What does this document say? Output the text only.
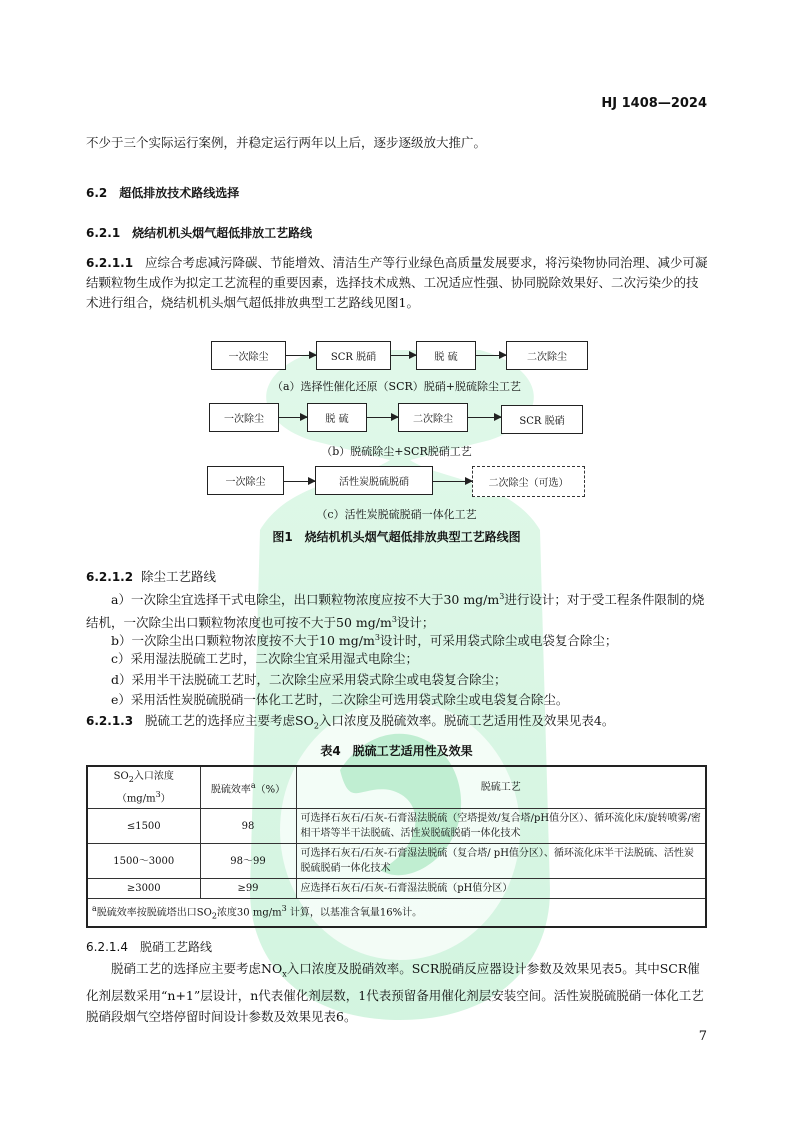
HJ 1408—2024
不少于三个实际运行案例，并稳定运行两年以上后，逐步逐级放大推广。
6.2　超低排放技术路线选择
6.2.1　烧结机机头烟气超低排放工艺路线
6.2.1.1 应综合考虑减污降碳、节能增效、清洁生产等行业绿色高质量发展要求，将污染物协同治理、减少可凝结颗粒物生成作为拟定工艺流程的重要因素，选择技术成熟、工况适应性强、协同脱除效果好、二次污染少的技术进行组合，烧结机机头烟气超低排放典型工艺路线见图1。
一次除尘	SCR 脱硝	脱 硫	二次除尘
（a）选择性催化还原（SCR）脱硝+脱硫除尘工艺
一次除尘	脱 硫	二次除尘	SCR 脱硝
（b）脱硫除尘+SCR脱硝工艺
一次除尘	活性炭脱硫脱硝	二次除尘（可选）
（c）活性炭脱硫脱硝一体化工艺
图1　烧结机机头烟气超低排放典型工艺路线图
6.2.1.2 除尘工艺路线
a）一次除尘宜选择干式电除尘，出口颗粒物浓度应按不大于30 $mg/m^3$进行设计；对于受工程条件限制的烧结机，一次除尘出口颗粒物浓度也可按不大于50 $mg/m^3$设计；
b）一次除尘出口颗粒物浓度按不大于10 $mg/m^3$设计时，可采用袋式除尘或电袋复合除尘；
c）采用湿法脱硫工艺时，二次除尘宜采用湿式电除尘；
d）采用半干法脱硫工艺时，二次除尘应采用袋式除尘或电袋复合除尘；
e）采用活性炭脱硫脱硝一体化工艺时，二次除尘可选用袋式除尘或电袋复合除尘。
6.2.1.3 脱硫工艺的选择应主要考虑$SO_2$入口浓度及脱硫效率。脱硫工艺适用性及效果见表4。
表4　脱硫工艺适用性及效果
$SO_2$入口浓度
$(mg/m^3)$	脱硫效率$^a$（%）	脱硫工艺
≤1500	98	可选择石灰石/石灰-石膏湿法脱硫（空塔提效/复合塔/pH值分区）、循环流化床/旋转喷雾/密相干塔等半干法脱硫、活性炭脱硫脱硝一体化技术
1500～3000	98～99	可选择石灰石/石灰-石膏湿法脱硫（复合塔/ pH值分区）、循环流化床半干法脱硫、活性炭脱硫脱硝一体化技术
≥3000	≥99	应选择石灰石/石灰-石膏湿法脱硫（pH值分区）
$^a$脱硫效率按脱硫塔出口$SO_2$浓度30 $mg/m^3$ 计算，以基准含氧量16%计。		
6.2.1.4　脱硝工艺路线
脱硝工艺的选择应主要考虑$NO_x$入口浓度及脱硝效率。SCR脱硝反应器设计参数及效果见表5。其中SCR催化剂层数采用“n+1”层设计，n代表催化剂层数，1代表预留备用催化剂层安装空间。活性炭脱硫脱硝一体化工艺脱硝段烟气空塔停留时间设计参数及效果见表6。
7
